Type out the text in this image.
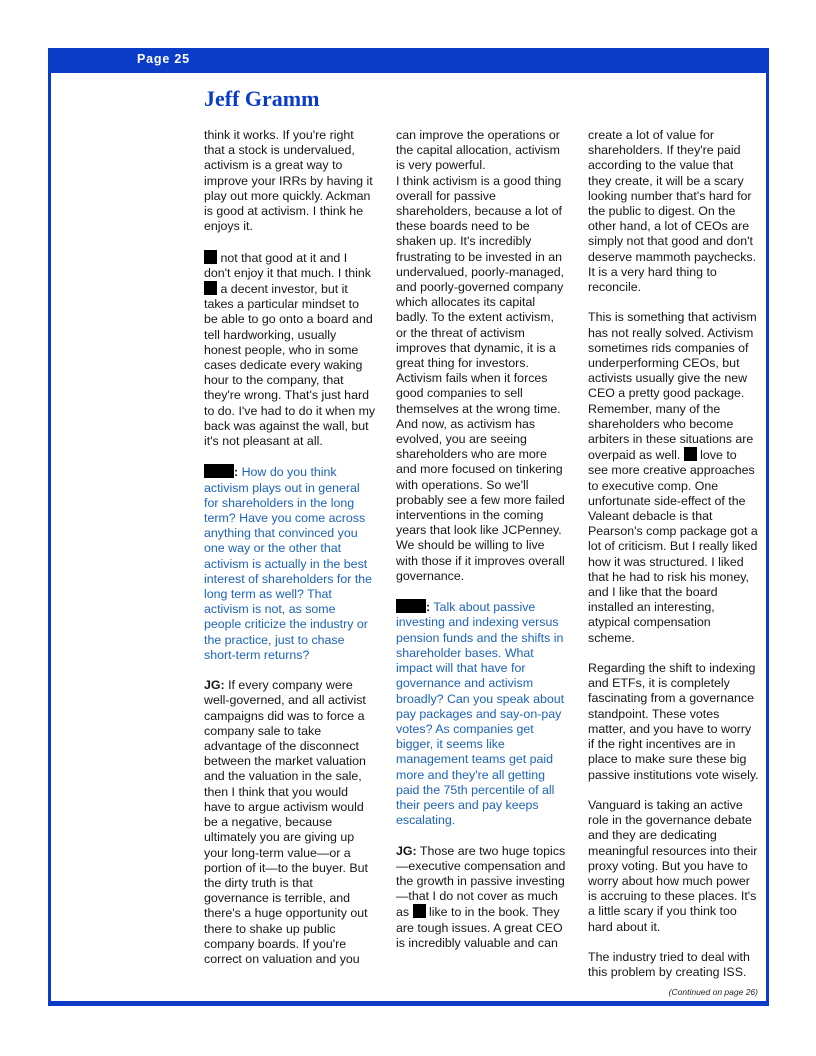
Page 25
Jeff Gramm

think it works. If you're right that a stock is undervalued, activism is a great way to improve your IRRs by having it play out more quickly. Ackman is good at activism. I think he enjoys it.

not that good at it and I don't enjoy it that much. I think  a decent investor, but it takes a particular mindset to be able to go onto a board and tell hardworking, usually honest people, who in some cases dedicate every waking hour to the company, that they're wrong. That's just hard to do. I've had to do it when my back was against the wall, but it's not pleasant at all.

: How do you think activism plays out in general for shareholders in the long term? Have you come across anything that convinced you one way or the other that activism is actually in the best interest of shareholders for the long term as well? That activism is not, as some people criticize the industry or the practice, just to chase short-term returns?

JG: If every company were well-governed, and all activist campaigns did was to force a company sale to take advantage of the disconnect between the market valuation and the valuation in the sale, then I think that you would have to argue activism would be a negative, because ultimately you are giving up your long-term value—or a portion of it—to the buyer. But the dirty truth is that governance is terrible, and there's a huge opportunity out there to shake up public company boards. If you're correct on valuation and you

can improve the operations or the capital allocation, activism is very powerful.

I think activism is a good thing overall for passive shareholders, because a lot of these boards need to be shaken up. It's incredibly frustrating to be invested in an undervalued, poorly-managed, and poorly-governed company which allocates its capital badly. To the extent activism, or the threat of activism improves that dynamic, it is a great thing for investors. Activism fails when it forces good companies to sell themselves at the wrong time. And now, as activism has evolved, you are seeing shareholders who are more and more focused on tinkering with operations. So we'll probably see a few more failed interventions in the coming years that look like JCPenney. We should be willing to live with those if it improves overall governance.

: Talk about passive investing and indexing versus pension funds and the shifts in shareholder bases. What impact will that have for governance and activism broadly? Can you speak about pay packages and say-on-pay votes? As companies get bigger, it seems like management teams get paid more and they're all getting paid the 75th percentile of all their peers and pay keeps escalating.

JG: Those are two huge topics—executive compensation and the growth in passive investing—that I do not cover as much as  like to in the book. They are tough issues. A great CEO is incredibly valuable and can

create a lot of value for shareholders. If they're paid according to the value that they create, it will be a scary looking number that's hard for the public to digest. On the other hand, a lot of CEOs are simply not that good and don't deserve mammoth paychecks. It is a very hard thing to reconcile.

This is something that activism has not really solved. Activism sometimes rids companies of underperforming CEOs, but activists usually give the new CEO a pretty good package. Remember, many of the shareholders who become arbiters in these situations are overpaid as well.  love to see more creative approaches to executive comp. One unfortunate side-effect of the Valeant debacle is that Pearson's comp package got a lot of criticism. But I really liked how it was structured. I liked that he had to risk his money, and I like that the board installed an interesting, atypical compensation scheme.

Regarding the shift to indexing and ETFs, it is completely fascinating from a governance standpoint. These votes matter, and you have to worry if the right incentives are in place to make sure these big passive institutions vote wisely.

Vanguard is taking an active role in the governance debate and they are dedicating meaningful resources into their proxy voting. But you have to worry about how much power is accruing to these places. It's a little scary if you think too hard about it.

The industry tried to deal with this problem by creating ISS.

(Continued on page 26)
